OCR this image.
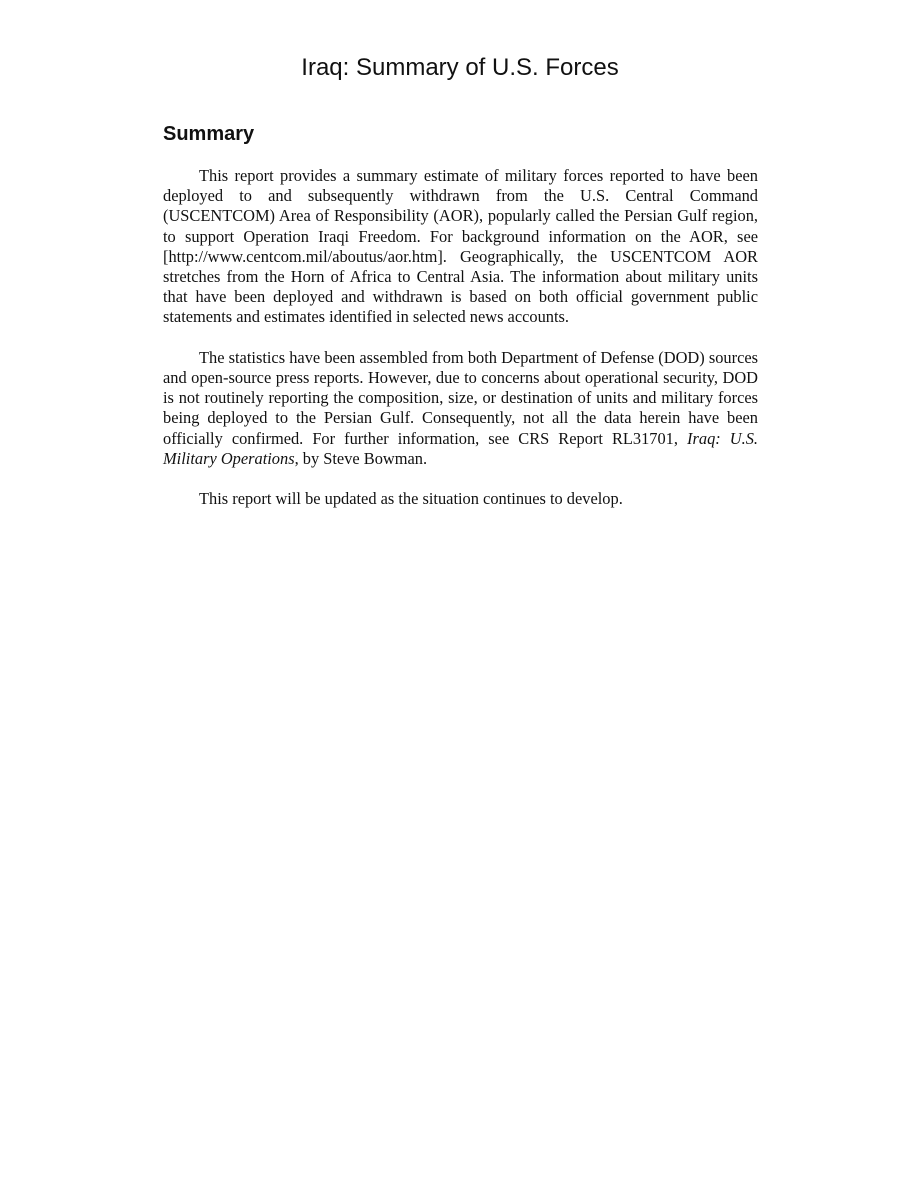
Iraq: Summary of U.S. Forces
Summary

This report provides a summary estimate of military forces reported to have been deployed to and subsequently withdrawn from the U.S. Central Command (USCENTCOM) Area of Responsibility (AOR), popularly called the Persian Gulf region, to support Operation Iraqi Freedom. For background information on the AOR, see [http://www.centcom.mil/aboutus/aor.htm]. Geographically, the USCENTCOM AOR stretches from the Horn of Africa to Central Asia. The information about military units that have been deployed and withdrawn is based on both official government public statements and estimates identified in selected news accounts.

The statistics have been assembled from both Department of Defense (DOD) sources and open-source press reports. However, due to concerns about operational security, DOD is not routinely reporting the composition, size, or destination of units and military forces being deployed to the Persian Gulf. Consequently, not all the data herein have been officially confirmed. For further information, see CRS Report RL31701, Iraq: U.S. Military Operations, by Steve Bowman.

This report will be updated as the situation continues to develop.
